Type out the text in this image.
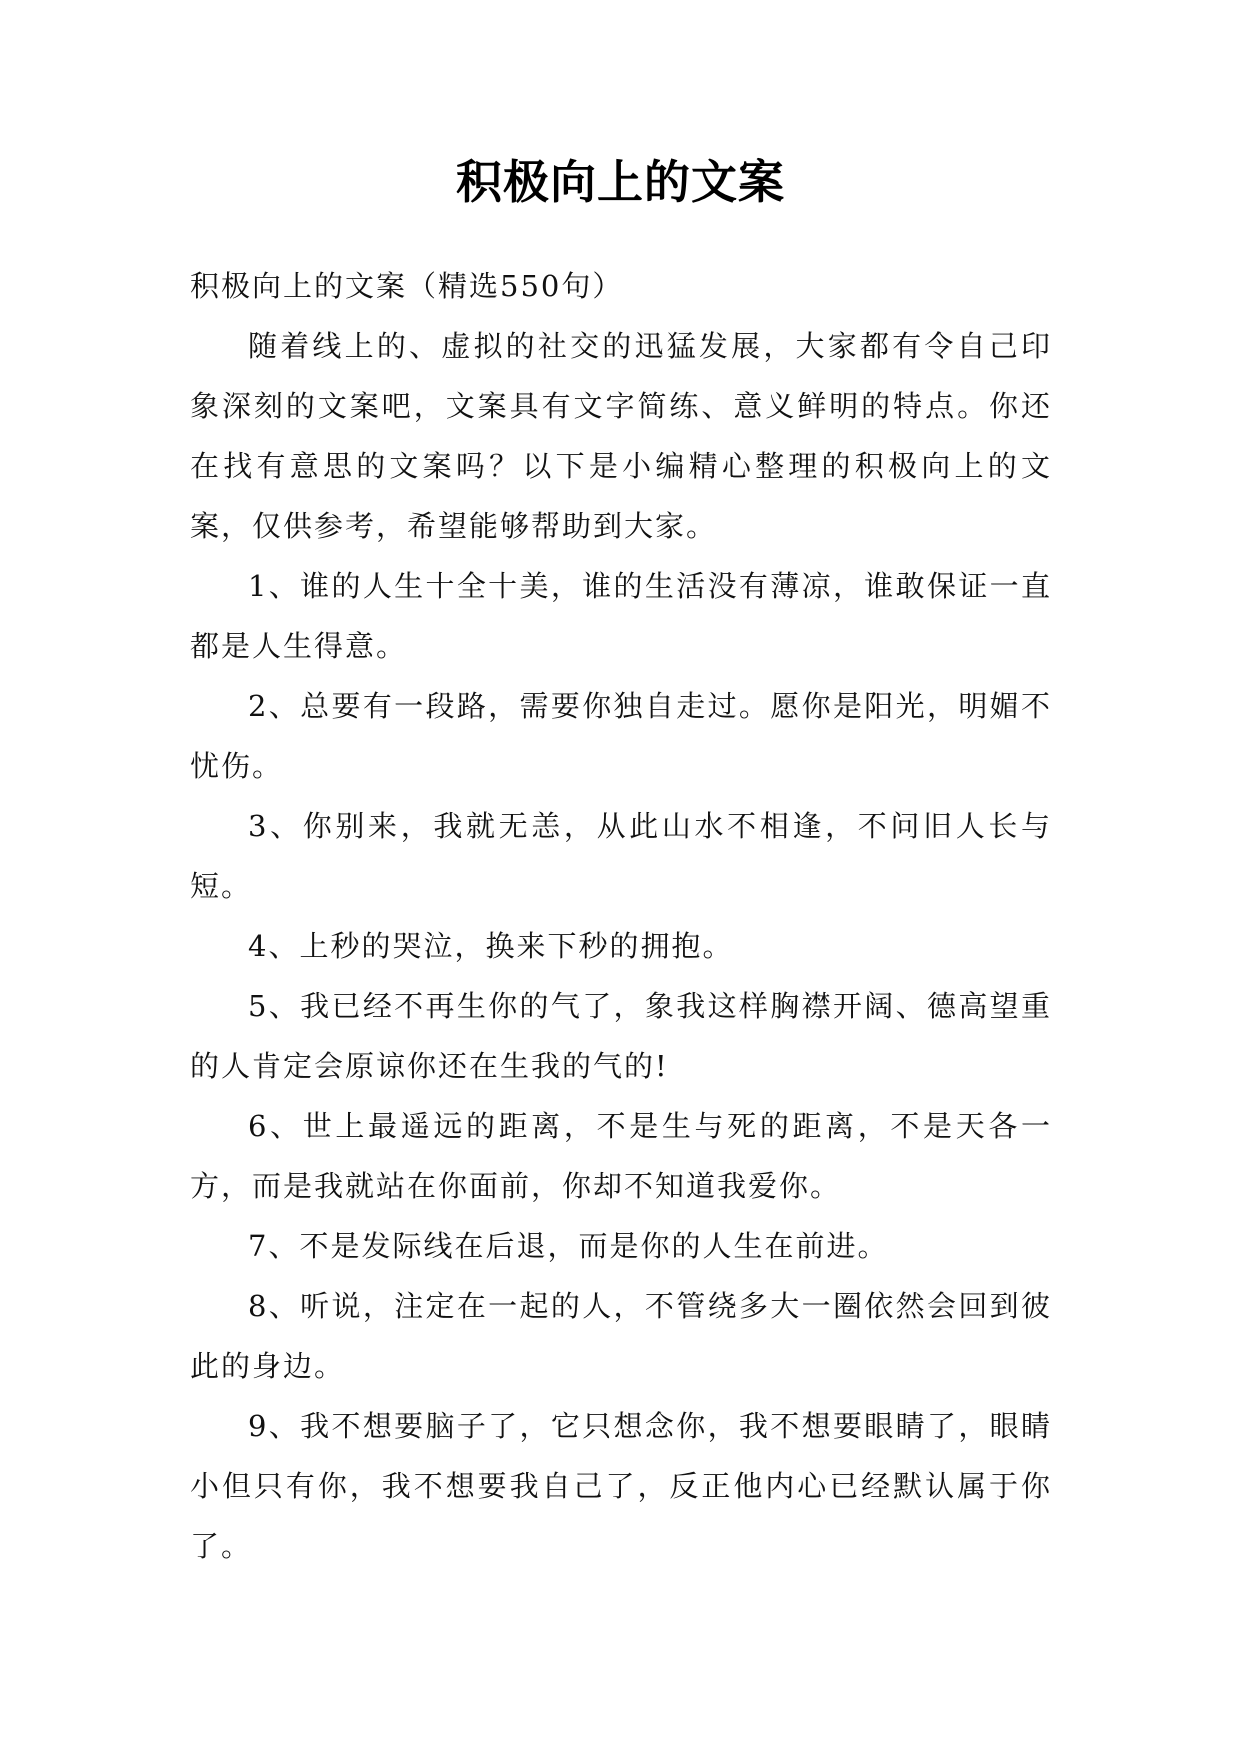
积极向上的文案

积极向上的文案（精选550句）

随着线上的、虚拟的社交的迅猛发展，大家都有令自己印象深刻的文案吧，文案具有文字简练、意义鲜明的特点。你还在找有意思的文案吗？以下是小编精心整理的积极向上的文案，仅供参考，希望能够帮助到大家。

1、谁的人生十全十美，谁的生活没有薄凉，谁敢保证一直都是人生得意。

2、总要有一段路，需要你独自走过。愿你是阳光，明媚不忧伤。

3、你别来，我就无恙，从此山水不相逢，不问旧人长与短。

4、上秒的哭泣，换来下秒的拥抱。

5、我已经不再生你的气了，象我这样胸襟开阔、德高望重的人肯定会原谅你还在生我的气的!

6、世上最遥远的距离，不是生与死的距离，不是天各一方，而是我就站在你面前，你却不知道我爱你。

7、不是发际线在后退，而是你的人生在前进。

8、听说，注定在一起的人，不管绕多大一圈依然会回到彼此的身边。

9、我不想要脑子了，它只想念你，我不想要眼睛了，眼睛小但只有你，我不想要我自己了，反正他内心已经默认属于你了。
